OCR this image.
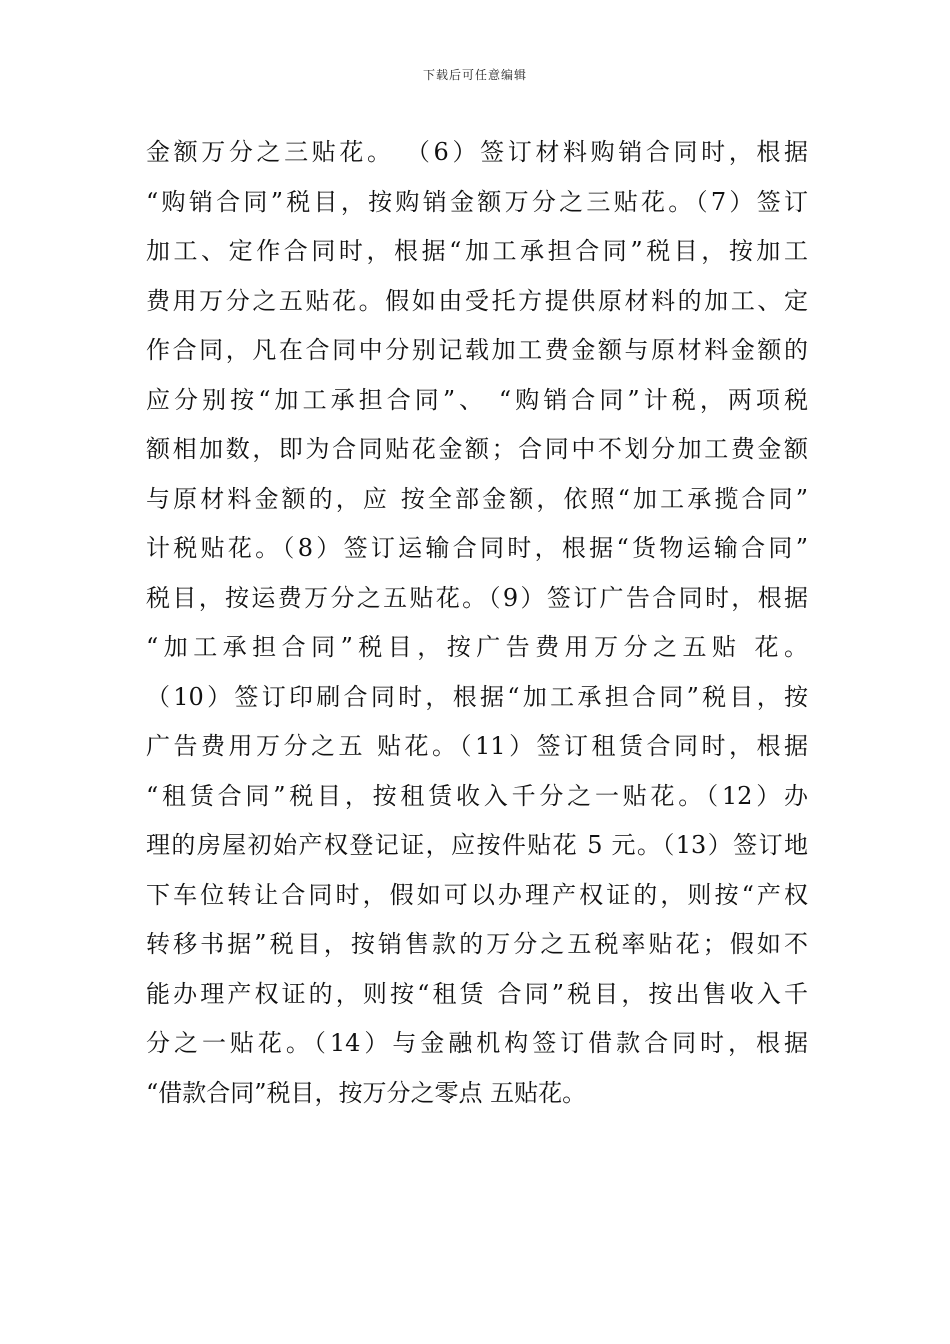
下载后可任意编辑
金额万分之三贴花。 （6）签订材料购销合同时，根据
“购销合同”税目，按购销金额万分之三贴花。（7）签订
加工、定作合同时，根据“加工承担合同”税目，按加工
费用万分之五贴花。假如由受托方提供原材料的加工、定
作合同，凡在合同中分别记载加工费金额与原材料金额的
应分别按“加工承担合同”、 “购销合同”计税，两项税
额相加数，即为合同贴花金额；合同中不划分加工费金额
与原材料金额的，应 按全部金额，依照“加工承揽合同”
计税贴花。（8）签订运输合同时，根据“货物运输合同”
税目，按运费万分之五贴花。（9）签订广告合同时，根据
“加工承担合同”税目，按广告费用万分之五贴 花。
（10）签订印刷合同时，根据“加工承担合同”税目，按
广告费用万分之五 贴花。（11）签订租赁合同时，根据
“租赁合同”税目，按租赁收入千分之一贴花。（12）办
理的房屋初始产权登记证，应按件贴花 5 元。（13）签订地
下车位转让合同时，假如可以办理产权证的，则按“产权
转移书据”税目，按销售款的万分之五税率贴花；假如不
能办理产权证的，则按“租赁 合同”税目，按出售收入千
分之一贴花。（14）与金融机构签订借款合同时，根据
“借款合同”税目，按万分之零点 五贴花。
